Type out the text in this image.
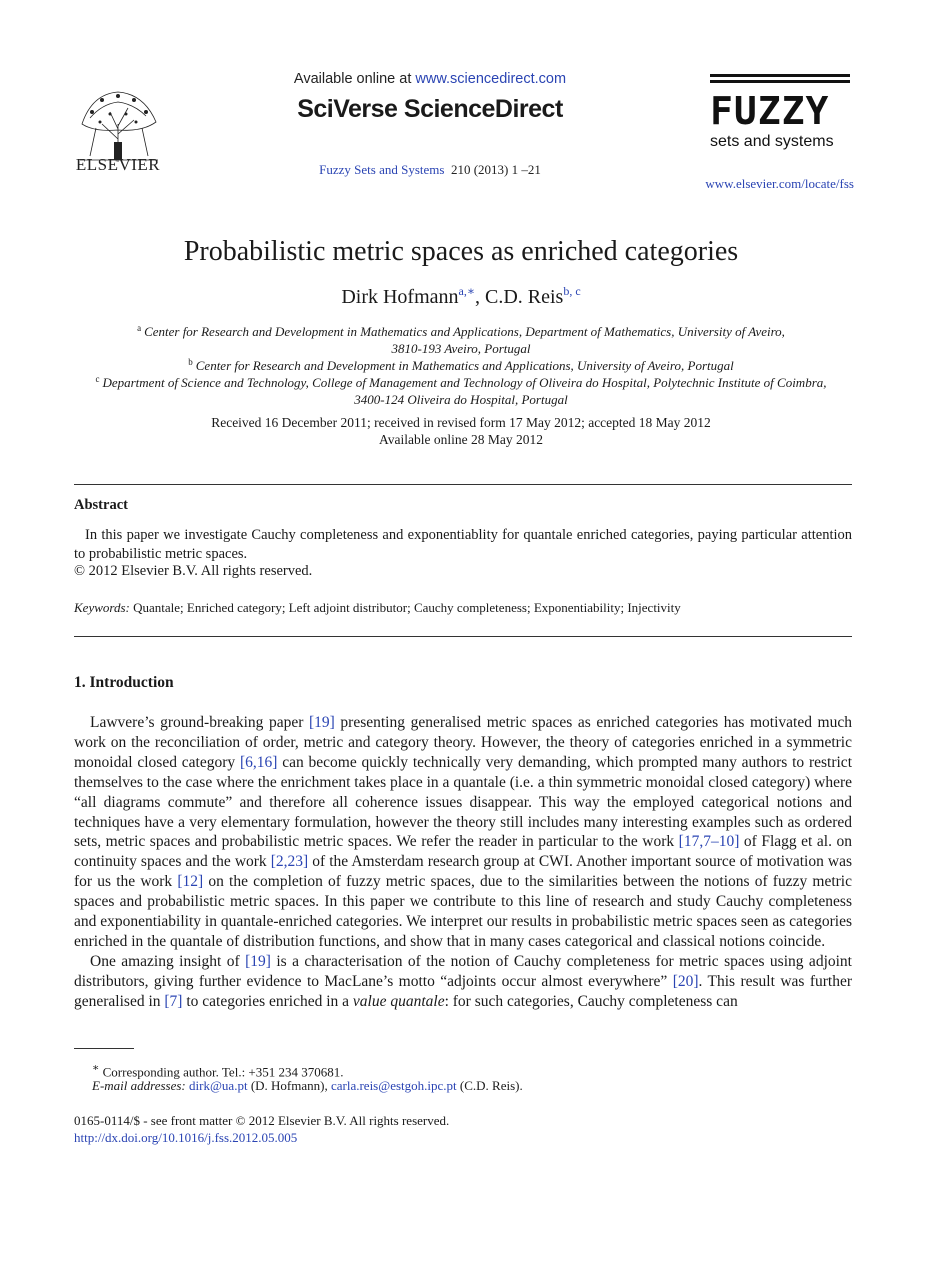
ELSEVIER
Available online at www.sciencedirect.com
SciVerse ScienceDirect
Fuzzy Sets and Systems 210 (2013) 1 –21
FUZZY
sets and systems
www.elsevier.com/locate/fss
Probabilistic metric spaces as enriched categories
Dirk Hofmann$^{a,∗}$, C.D. Reis$^{b, c}$
$^a$ Center for Research and Development in Mathematics and Applications, Department of Mathematics, University of Aveiro,
3810-193 Aveiro, Portugal
$^b$ Center for Research and Development in Mathematics and Applications, University of Aveiro, Portugal
$^c$ Department of Science and Technology, College of Management and Technology of Oliveira do Hospital, Polytechnic Institute of Coimbra,
3400-124 Oliveira do Hospital, Portugal
Received 16 December 2011; received in revised form 17 May 2012; accepted 18 May 2012
Available online 28 May 2012
Abstract
In this paper we investigate Cauchy completeness and exponentiablity for quantale enriched categories, paying particular attention to probabilistic metric spaces.
© 2012 Elsevier B.V. All rights reserved.
Keywords: Quantale; Enriched category; Left adjoint distributor; Cauchy completeness; Exponentiability; Injectivity
1. Introduction

Lawvere’s ground-breaking paper [19] presenting generalised metric spaces as enriched categories has motivated much work on the reconciliation of order, metric and category theory. However, the theory of categories enriched in a symmetric monoidal closed category [6,16] can become quickly technically very demanding, which prompted many authors to restrict themselves to the case where the enrichment takes place in a quantale (i.e. a thin symmetric monoidal closed category) where “all diagrams commute” and therefore all coherence issues disappear. This way the employed categorical notions and techniques have a very elementary formulation, however the theory still includes many interesting examples such as ordered sets, metric spaces and probabilistic metric spaces. We refer the reader in particular to the work [17,7–10] of Flagg et al. on continuity spaces and the work [2,23] of the Amsterdam research group at CWI. Another important source of motivation was for us the work [12] on the completion of fuzzy metric spaces, due to the similarities between the notions of fuzzy metric spaces and probabilistic metric spaces. In this paper we contribute to this line of research and study Cauchy completeness and exponentiability in quantale-enriched categories. We interpret our results in probabilistic metric spaces seen as categories enriched in the quantale of distribution functions, and show that in many cases categorical and classical notions coincide.

One amazing insight of [19] is a characterisation of the notion of Cauchy completeness for metric spaces using adjoint distributors, giving further evidence to MacLane’s motto “adjoints occur almost everywhere” [20]. This result was further generalised in [7] to categories enriched in a value quantale: for such categories, Cauchy completeness can

∗ Corresponding author. Tel.: +351 234 370681.
E-mail addresses: dirk@ua.pt (D. Hofmann), carla.reis@estgoh.ipc.pt (C.D. Reis).
0165-0114/$ - see front matter © 2012 Elsevier B.V. All rights reserved.
http://dx.doi.org/10.1016/j.fss.2012.05.005
